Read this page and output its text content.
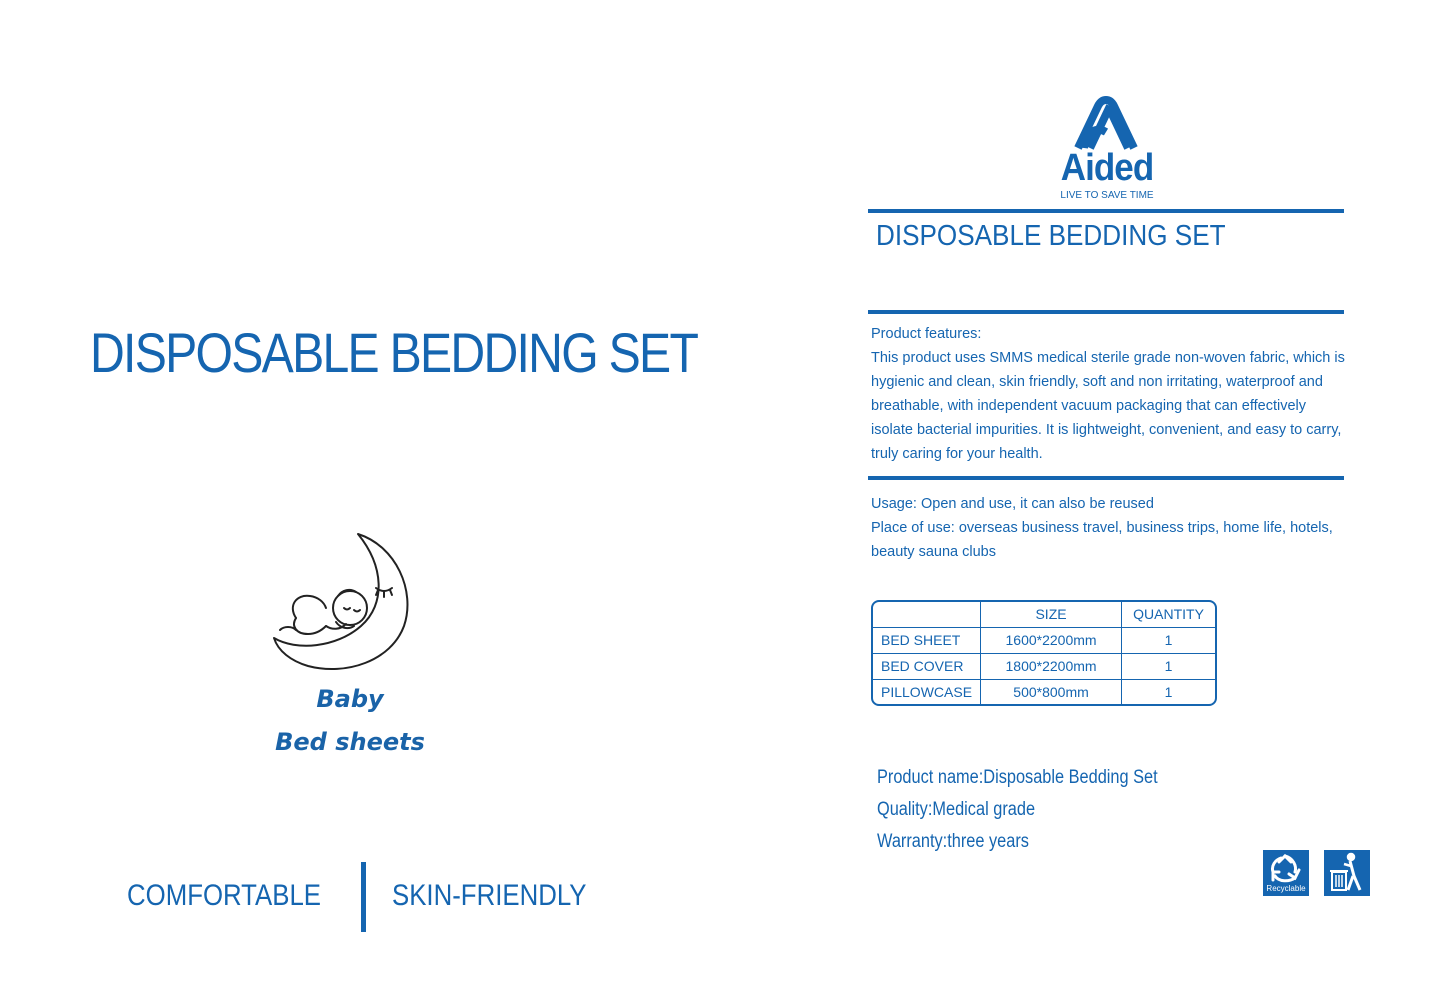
DISPOSABLE BEDDING SET
Baby
Bed sheets
COMFORTABLE	SKIN-FRIENDLY
Aided
LIVE TO SAVE TIME
DISPOSABLE BEDDING SET
Product features:
This product uses SMMS medical sterile grade non-woven fabric, which is
hygienic and clean, skin friendly, soft and non irritating, waterproof and
breathable, with independent vacuum packaging that can effectively
isolate bacterial impurities. It is lightweight, convenient, and easy to carry,
truly caring for your health.
Usage: Open and use, it can also be reused
Place of use: overseas business travel, business trips, home life, hotels,
beauty sauna clubs
	SIZE	QUANTITY
BED SHEET	1600*2200mm	1
BED COVER	1800*2200mm	1
PILLOWCASE	500*800mm	1
Product name:Disposable Bedding Set
Quality:Medical grade
Warranty:three years
Recyclable
